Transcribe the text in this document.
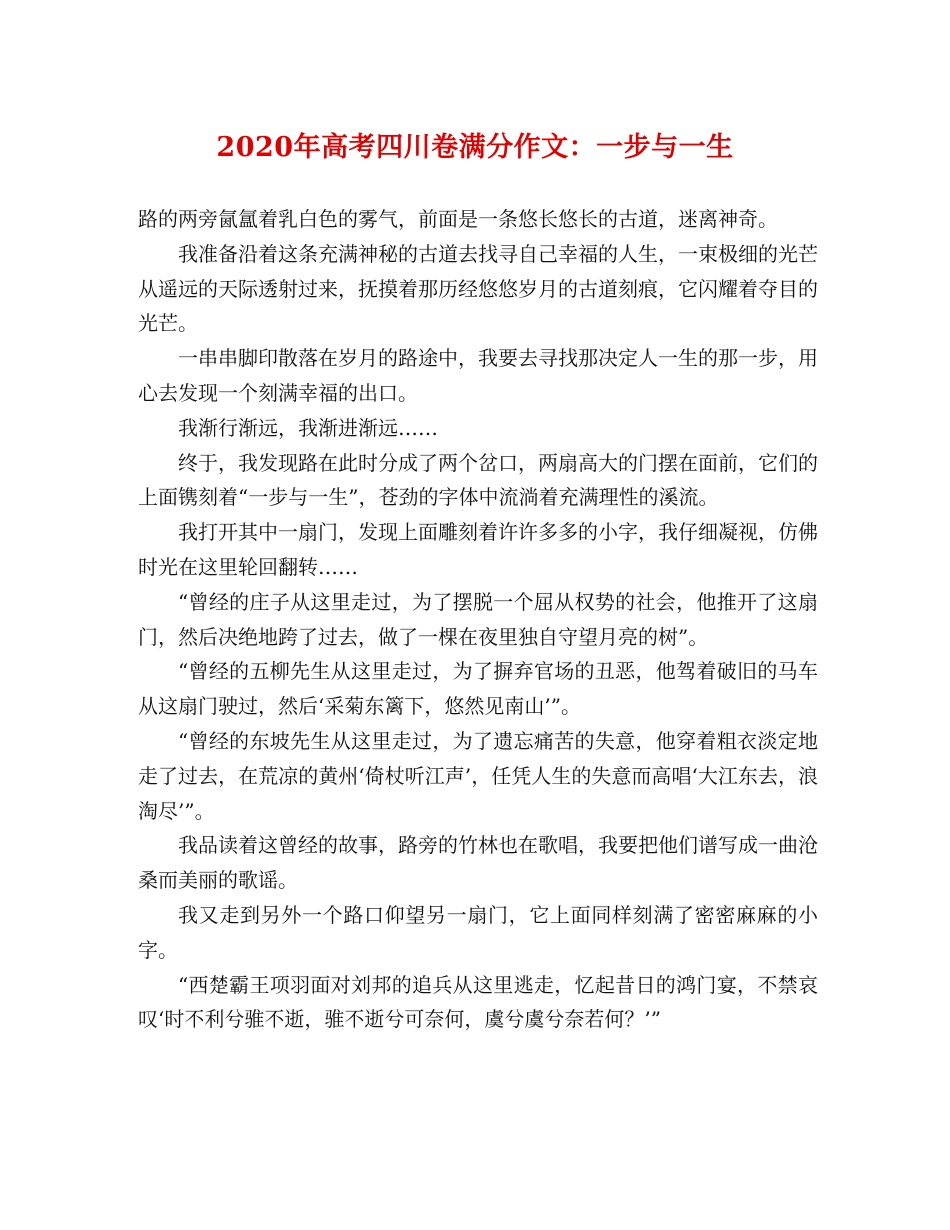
2020年高考四川卷满分作文：一步与一生

路的两旁氤氲着乳白色的雾气，前面是一条悠长悠长的古道，迷离神奇。

我准备沿着这条充满神秘的古道去找寻自己幸福的人生，一束极细的光芒从遥远的天际透射过来，抚摸着那历经悠悠岁月的古道刻痕，它闪耀着夺目的光芒。

一串串脚印散落在岁月的路途中，我要去寻找那决定人一生的那一步，用心去发现一个刻满幸福的出口。

我渐行渐远，我渐进渐远……

终于，我发现路在此时分成了两个岔口，两扇高大的门摆在面前，它们的上面镌刻着“一步与一生”，苍劲的字体中流淌着充满理性的溪流。

我打开其中一扇门，发现上面雕刻着许许多多的小字，我仔细凝视，仿佛时光在这里轮回翻转……

“曾经的庄子从这里走过，为了摆脱一个屈从权势的社会，他推开了这扇门，然后决绝地跨了过去，做了一棵在夜里独自守望月亮的树”。

“曾经的五柳先生从这里走过，为了摒弃官场的丑恶，他驾着破旧的马车从这扇门驶过，然后‘采菊东篱下，悠然见南山’”。

“曾经的东坡先生从这里走过，为了遗忘痛苦的失意，他穿着粗衣淡定地走了过去，在荒凉的黄州‘倚杖听江声’，任凭人生的失意而高唱‘大江东去，浪淘尽’”。

我品读着这曾经的故事，路旁的竹林也在歌唱，我要把他们谱写成一曲沧桑而美丽的歌谣。

我又走到另外一个路口仰望另一扇门，它上面同样刻满了密密麻麻的小字。

“西楚霸王项羽面对刘邦的追兵从这里逃走，忆起昔日的鸿门宴，不禁哀叹‘时不利兮骓不逝，骓不逝兮可奈何，虞兮虞兮奈若何？’”
